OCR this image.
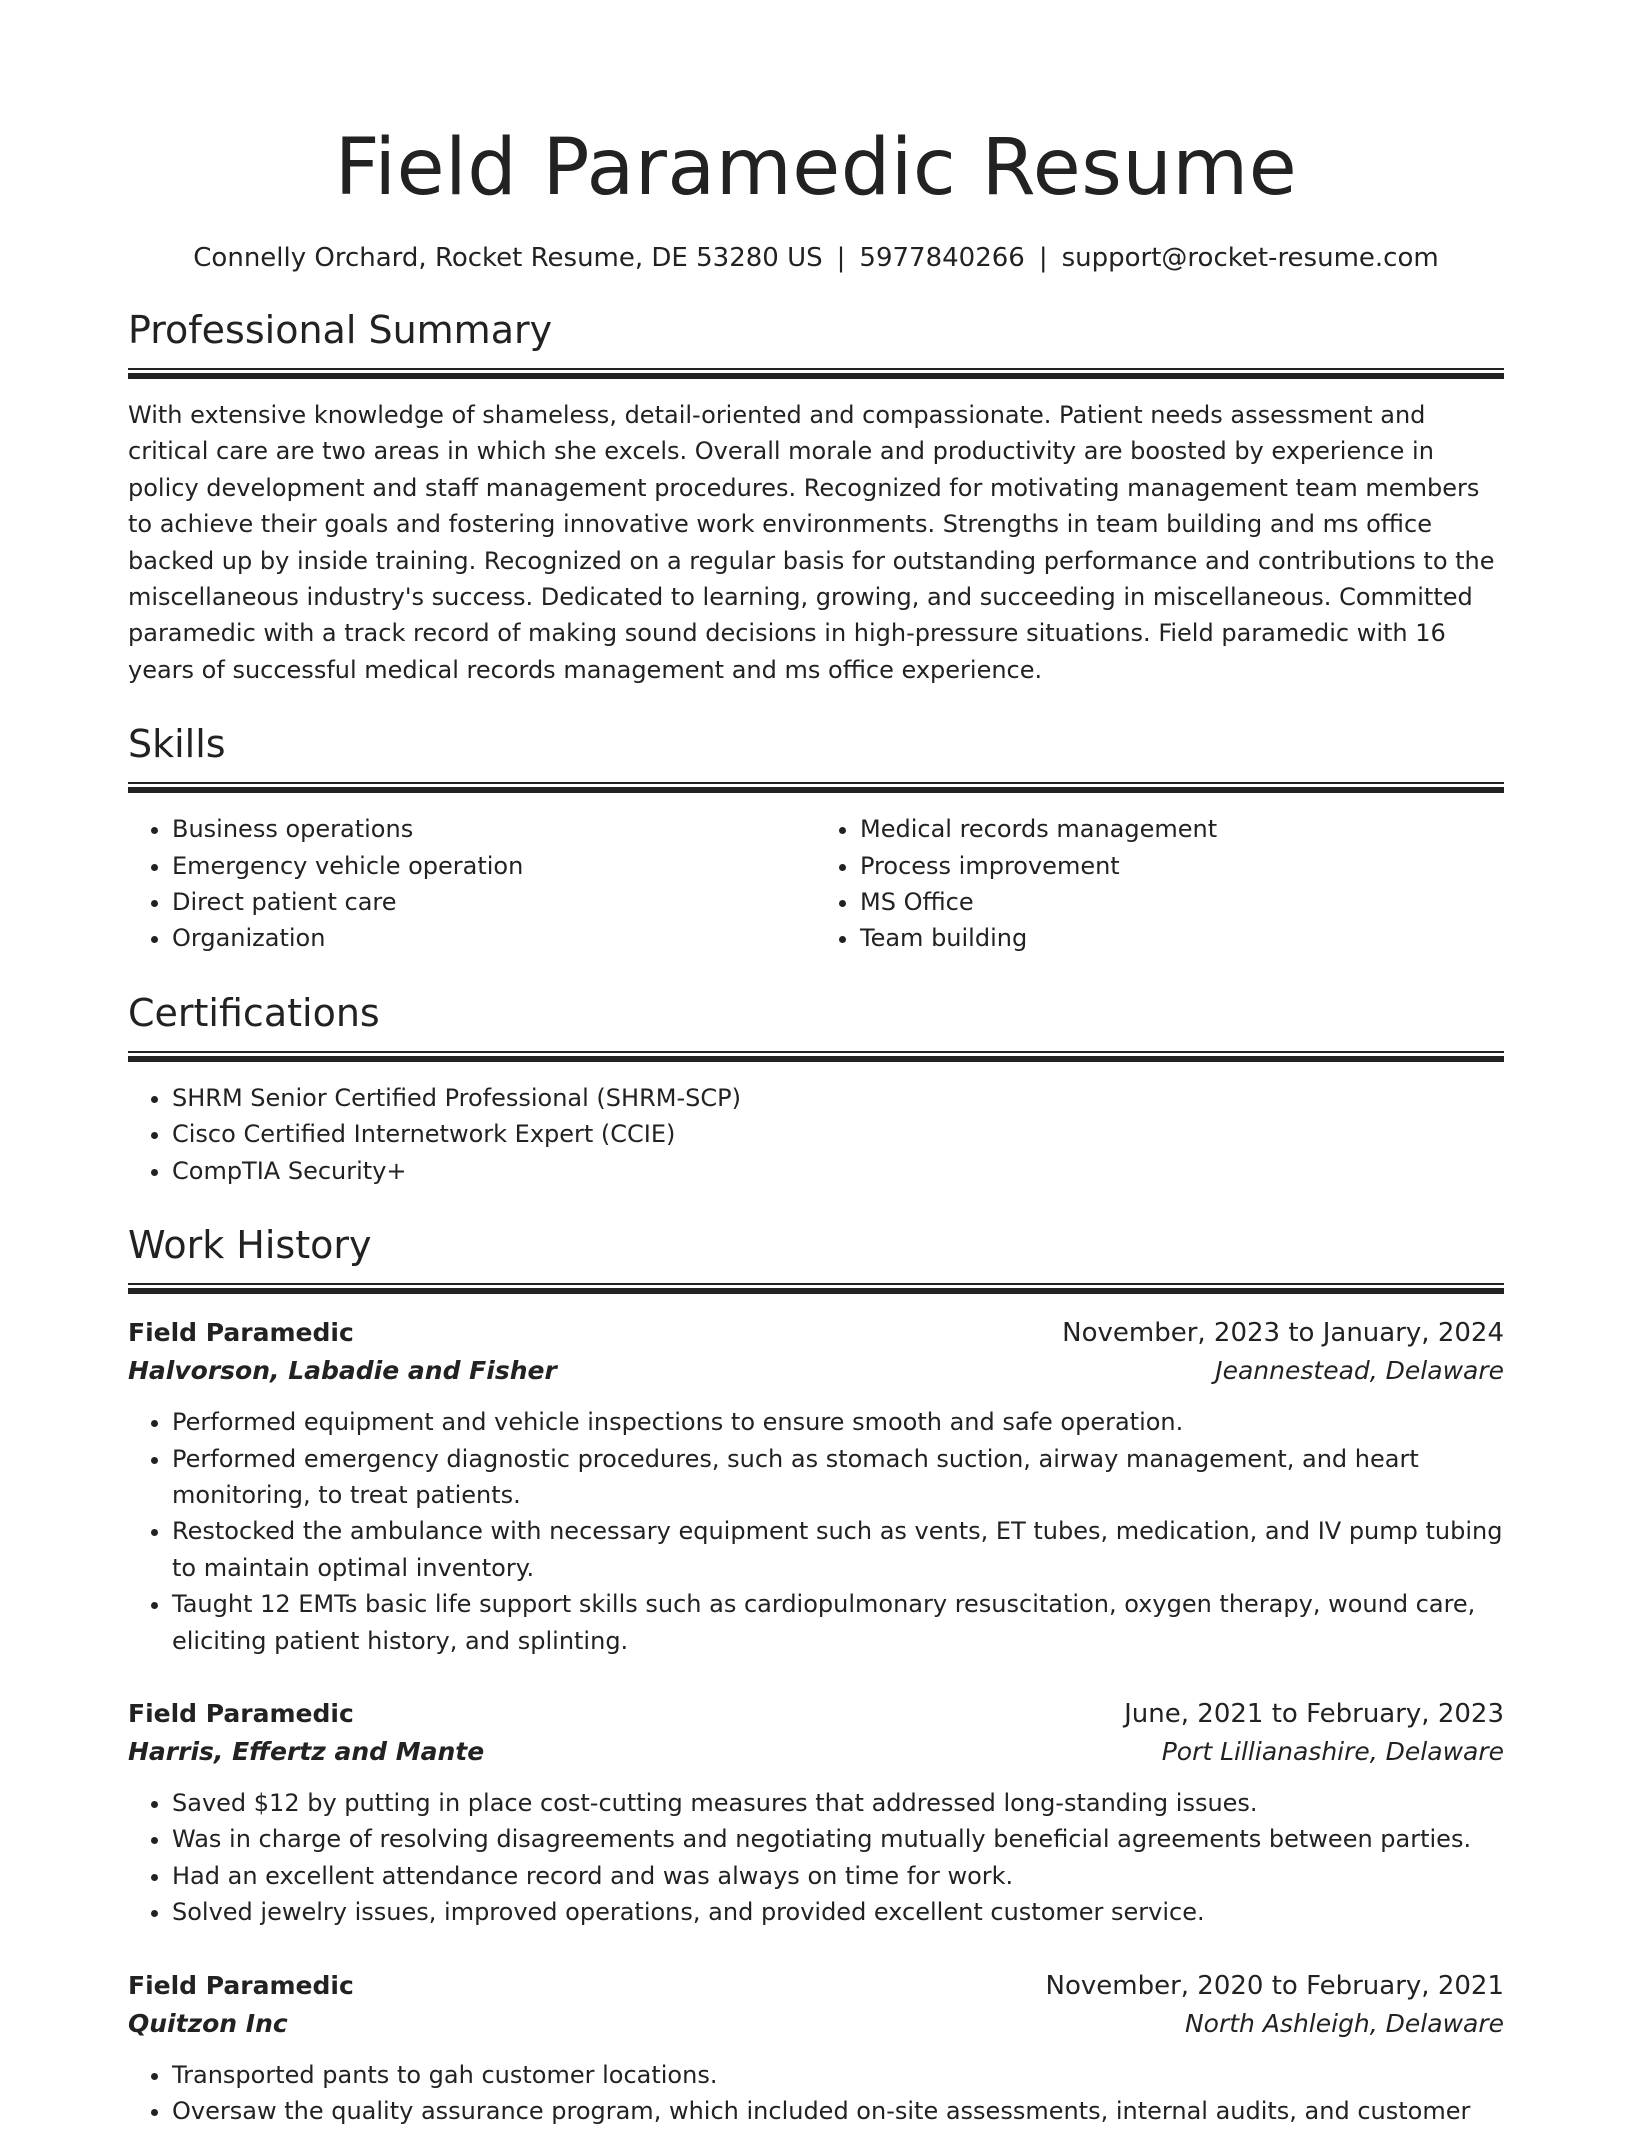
Field Paramedic Resume
Connelly Orchard, Rocket Resume, DE 53280 US | 5977840266 | support@rocket-resume.com
Professional Summary

With extensive knowledge of shameless, detail-oriented and compassionate. Patient needs assessment and critical care are two areas in which she excels. Overall morale and productivity are boosted by experience in policy development and staff management procedures. Recognized for motivating management team members to achieve their goals and fostering innovative work environments. Strengths in team building and ms office backed up by inside training. Recognized on a regular basis for outstanding performance and contributions to the miscellaneous industry's success. Dedicated to learning, growing, and succeeding in miscellaneous. Committed paramedic with a track record of making sound decisions in high-pressure situations. Field paramedic with 16 years of successful medical records management and ms office experience.

Skills
• Business operations
• Emergency vehicle operation
• Direct patient care
• Organization
• Medical records management
• Process improvement
• MS Office
• Team building
Certifications
• SHRM Senior Certified Professional (SHRM-SCP)
• Cisco Certified Internetwork Expert (CCIE)
• CompTIA Security+
Work History
Field Paramedic	November, 2023 to January, 2024
Halvorson, Labadie and Fisher	Jeannestead, Delaware
• Performed equipment and vehicle inspections to ensure smooth and safe operation.
• Performed emergency diagnostic procedures, such as stomach suction, airway management, and heart monitoring, to treat patients.
• Restocked the ambulance with necessary equipment such as vents, ET tubes, medication, and IV pump tubing to maintain optimal inventory.
• Taught 12 EMTs basic life support skills such as cardiopulmonary resuscitation, oxygen therapy, wound care, eliciting patient history, and splinting.
Field Paramedic	June, 2021 to February, 2023
Harris, Effertz and Mante	Port Lillianashire, Delaware
• Saved $12 by putting in place cost-cutting measures that addressed long-standing issues.
• Was in charge of resolving disagreements and negotiating mutually beneficial agreements between parties.
• Had an excellent attendance record and was always on time for work.
• Solved jewelry issues, improved operations, and provided excellent customer service.
Field Paramedic	November, 2020 to February, 2021
Quitzon Inc	North Ashleigh, Delaware
• Transported pants to gah customer locations.
• Oversaw the quality assurance program, which included on-site assessments, internal audits, and customer
